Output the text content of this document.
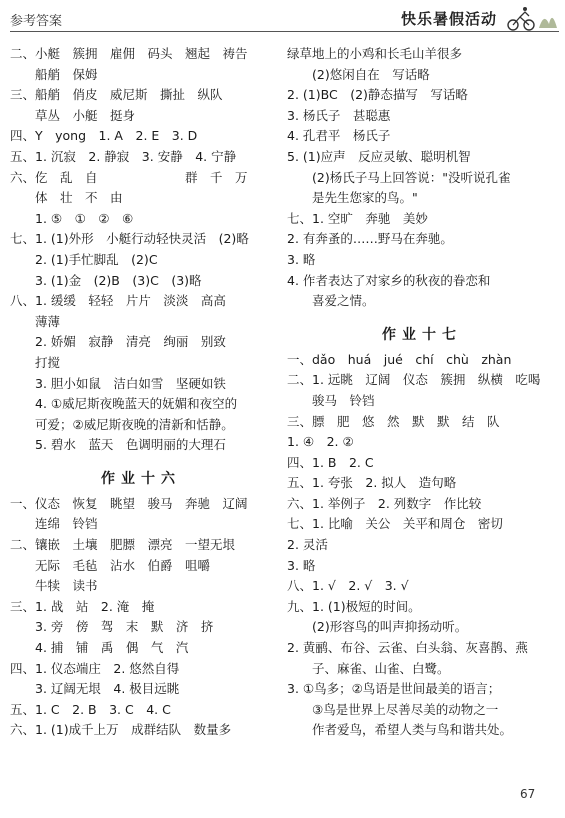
参考答案	快乐暑假活动
二、小艇　簇拥　雇佣　码头　翘起　祷告
　　船艄　保姆
三、船艄　俏皮　威尼斯　撕扯　纵队
　　草丛　小艇　挺身
四、Y　yong　1. A　2. E　3. D
五、1. 沉寂　2. 静寂　3. 安静　4. 宁静
六、仡　乱　自　　　　　　　群　千　万
　　体　壮　不　由
　　1. ⑤　①　②　⑥
七、1. (1)外形　小艇行动轻快灵活　(2)略
　　2. (1)手忙脚乱　(2)C
　　3. (1)金　(2)B　(3)C　(3)略
八、1. 缓缓　轻轻　片片　淡淡　高高
　　薄薄
　　2. 娇媚　寂静　清亮　绚丽　别致
　　打搅
　　3. 胆小如鼠　洁白如雪　坚硬如铁
　　4. ①威尼斯夜晚蓝天的妩媚和夜空的
　　可爱；②威尼斯夜晚的清新和恬静。
　　5. 碧水　蓝天　色调明丽的大理石
作业十六
一、仪态　恢复　眺望　骏马　奔驰　辽阔
　　连绵　铃铛
二、镶嵌　土壤　肥膘　漂亮　一望无垠
　　无际　毛毡　沾水　伯爵　咀嚼
　　牛犊　读书
三、1. 战　站　2. 淹　掩
　　3. 旁　傍　驾　末　默　济　挤
　　4. 捕　铺　禹　偶　气　汽
四、1. 仪态端庄　2. 悠然自得
　　3. 辽阔无垠　4. 极目远眺
五、1. C　2. B　3. C　4. C
六、1. (1)成千上万　成群结队　数量多
绿草地上的小鸡和长毛山羊很多
　　(2)悠闲自在　写话略
2. (1)BC　(2)静态描写　写话略
3. 杨氏子　甚聪惠
4. 孔君平　杨氏子
5. (1)应声　反应灵敏、聪明机智
　　(2)杨氏子马上回答说："没听说孔雀
　　是先生您家的鸟。"
七、1. 空旷　奔驰　美妙
2. 有奔蚤的……野马在奔驰。
3. 略
4. 作者表达了对家乡的秋夜的眷恋和
　　喜爱之情。
作业十七
一、dǎo　huá　jué　chí　chù　zhàn
二、1. 远眺　辽阔　仪态　簇拥　纵横　吃喝
　　骏马　铃铛
三、膘　肥　悠　然　默　默　结　队
1. ④　2. ②
四、1. B　2. C
五、1. 夸张　2. 拟人　造句略
六、1. 举例子　2. 列数字　作比较
七、1. 比喻　关公　关平和周仓　密切
2. 灵活
3. 略
八、1. √　2. √　3. √
九、1. (1)极短的时间。
　　(2)形容鸟的叫声抑扬动听。
2. 黄鹂、布谷、云雀、白头翁、灰喜鹊、燕
　　子、麻雀、山雀、白鹭。
3. ①鸟多；②鸟语是世间最美的语言；
　　③鸟是世界上尽善尽美的动物之一
　　作者爱鸟，希望人类与鸟和谐共处。
67
